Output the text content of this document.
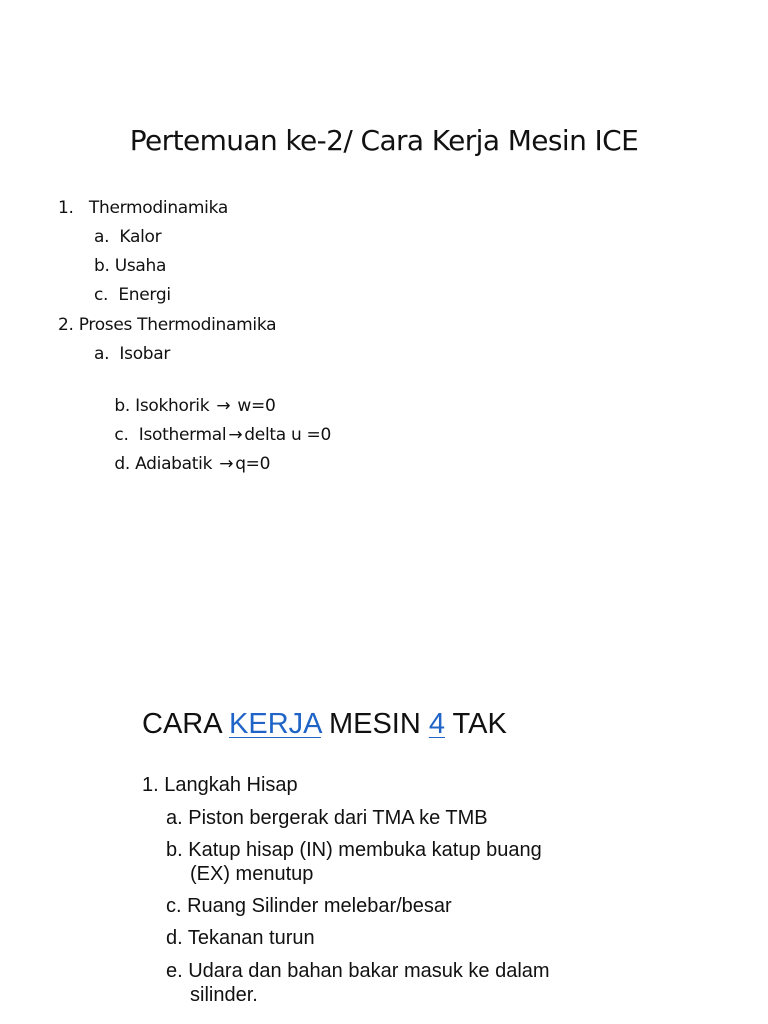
Pertemuan ke-2/ Cara Kerja Mesin ICE
1.   Thermodinamika
a.  Kalor
b. Usaha
c.  Energi
2. Proses Thermodinamika
a.  Isobar

b. Isokhorik → w=0

c.  Isothermal → delta u =0

d. Adiabatik → q=0

CARA KERJA MESIN 4 TAK
1. Langkah Hisap
a. Piston bergerak dari TMA ke TMB
b. Katup hisap (IN) membuka katup buang
(EX) menutup
c. Ruang Silinder melebar/besar
d. Tekanan turun
e. Udara dan bahan bakar masuk ke dalam
silinder.
